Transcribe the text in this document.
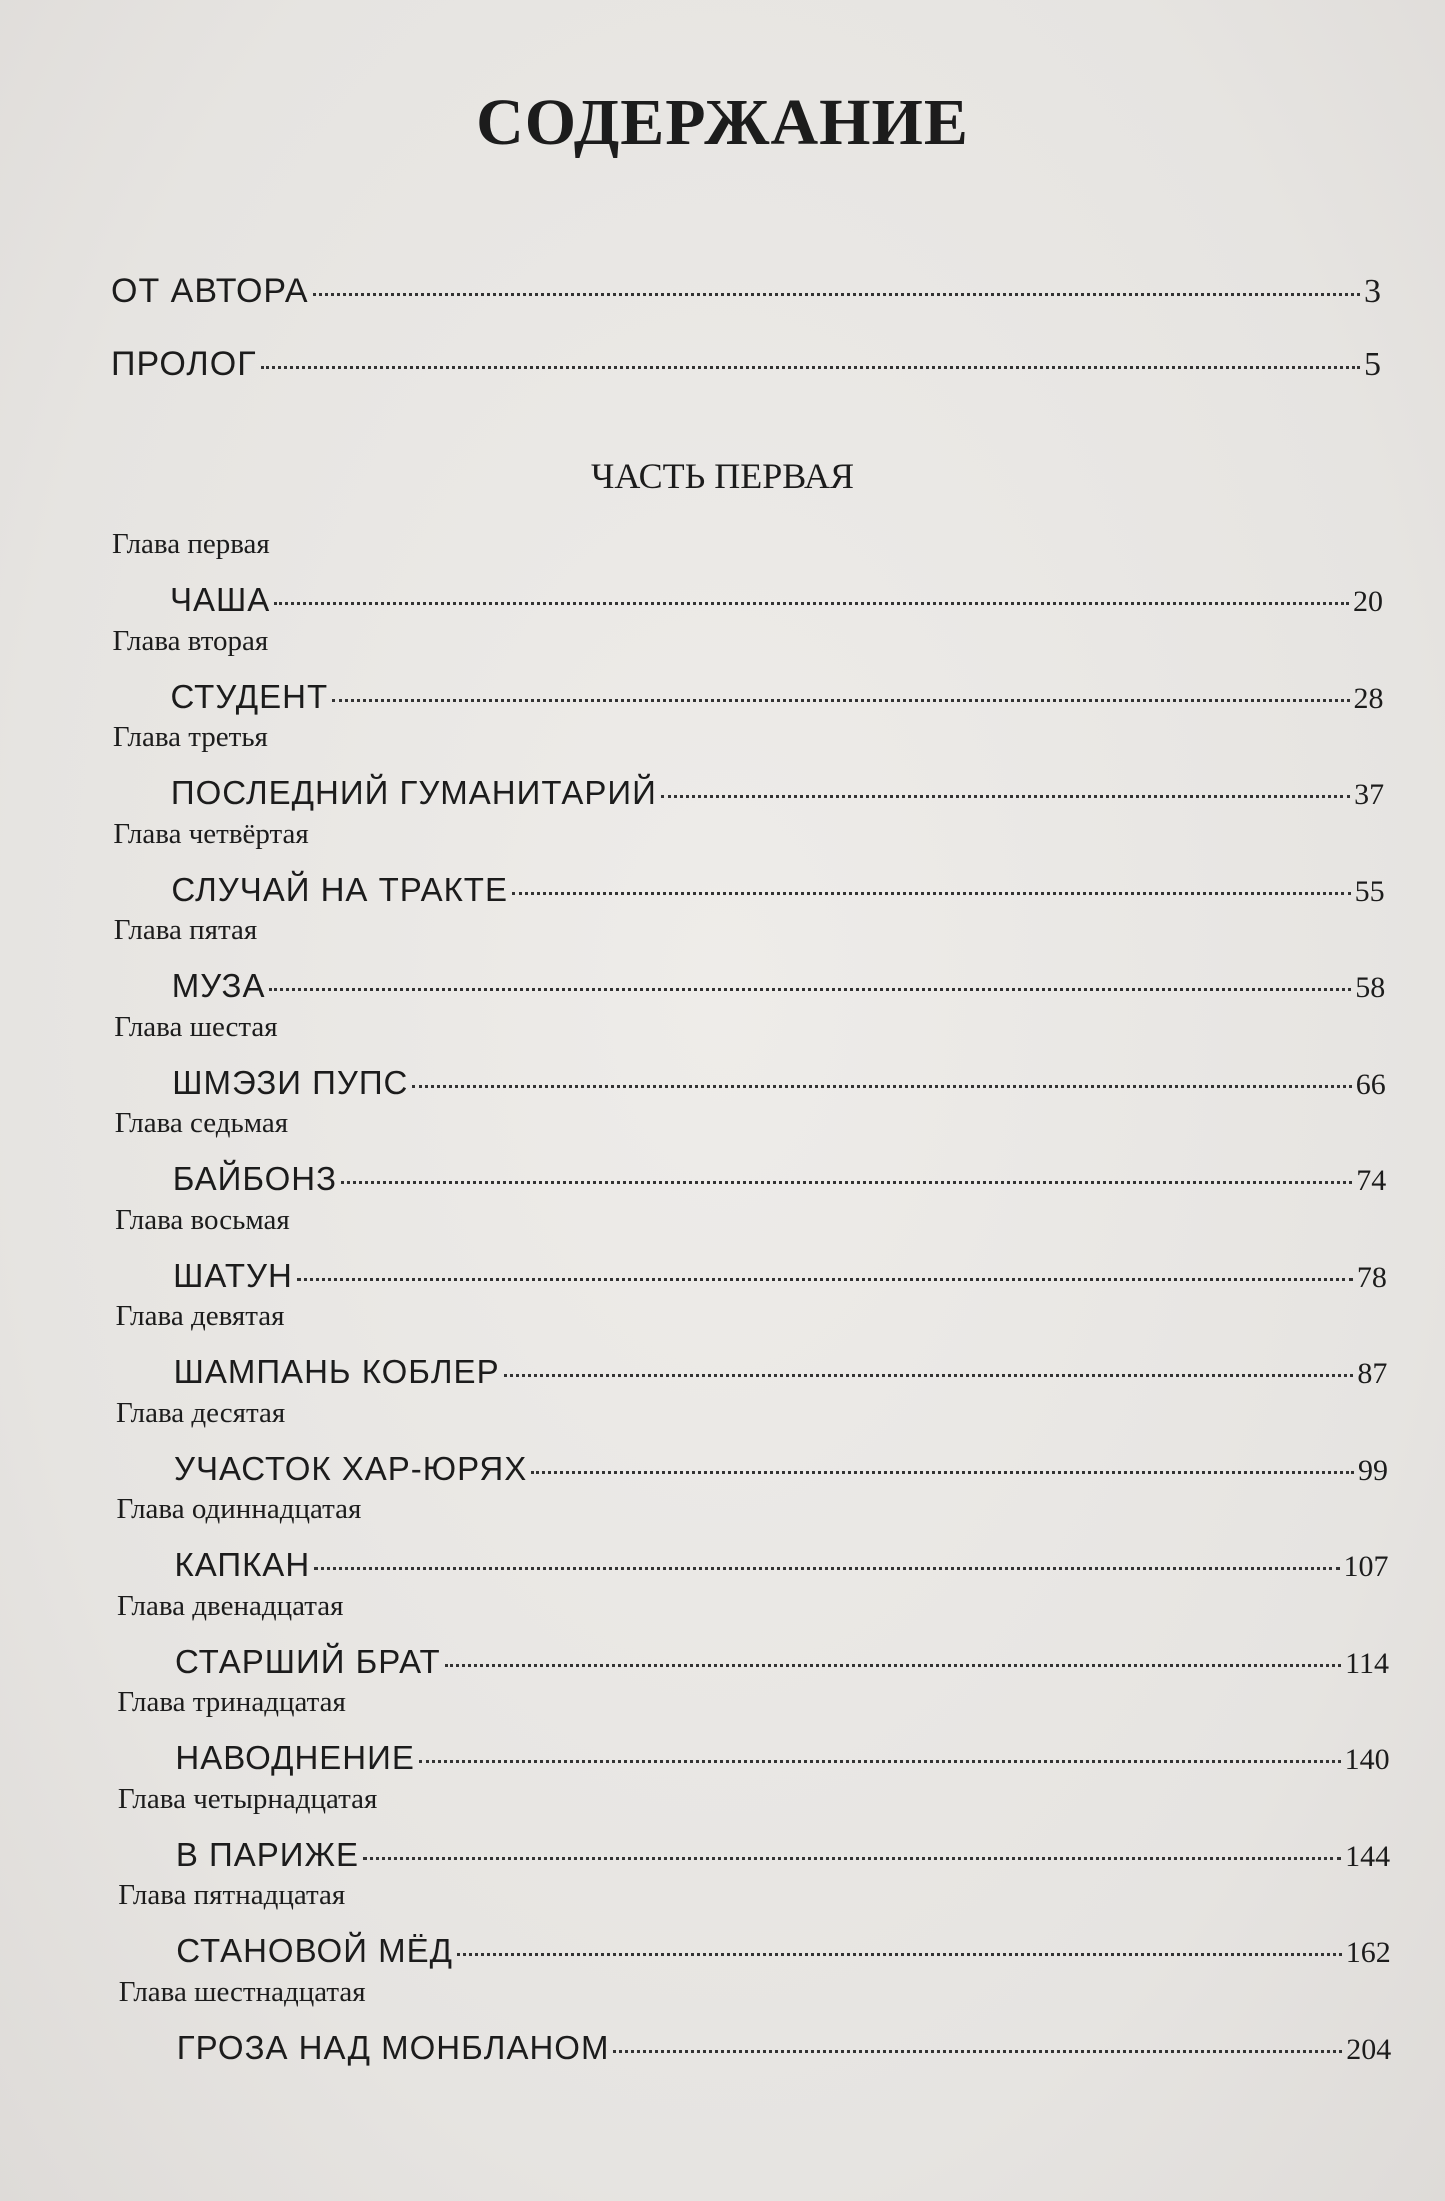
СОДЕРЖАНИЕ
ОТ АВТОРА	3
ПРОЛОГ	5
ЧАСТЬ ПЕРВАЯ
Глава первая
ЧАША	20
Глава вторая
СТУДЕНТ	28
Глава третья
ПОСЛЕДНИЙ ГУМАНИТАРИЙ	37
Глава четвёртая
СЛУЧАЙ НА ТРАКТЕ	55
Глава пятая
МУЗА	58
Глава шестая
ШМЭЗИ ПУПС	66
Глава седьмая
БАЙБОНЗ	74
Глава восьмая
ШАТУН	78
Глава девятая
ШАМПАНЬ КОБЛЕР	87
Глава десятая
УЧАСТОК ХАР-ЮРЯХ	99
Глава одиннадцатая
КАПКАН	107
Глава двенадцатая
СТАРШИЙ БРАТ	114
Глава тринадцатая
НАВОДНЕНИЕ	140
Глава четырнадцатая
В ПАРИЖЕ	144
Глава пятнадцатая
СТАНОВОЙ МЁД	162
Глава шестнадцатая
ГРОЗА НАД МОНБЛАНОМ	204
